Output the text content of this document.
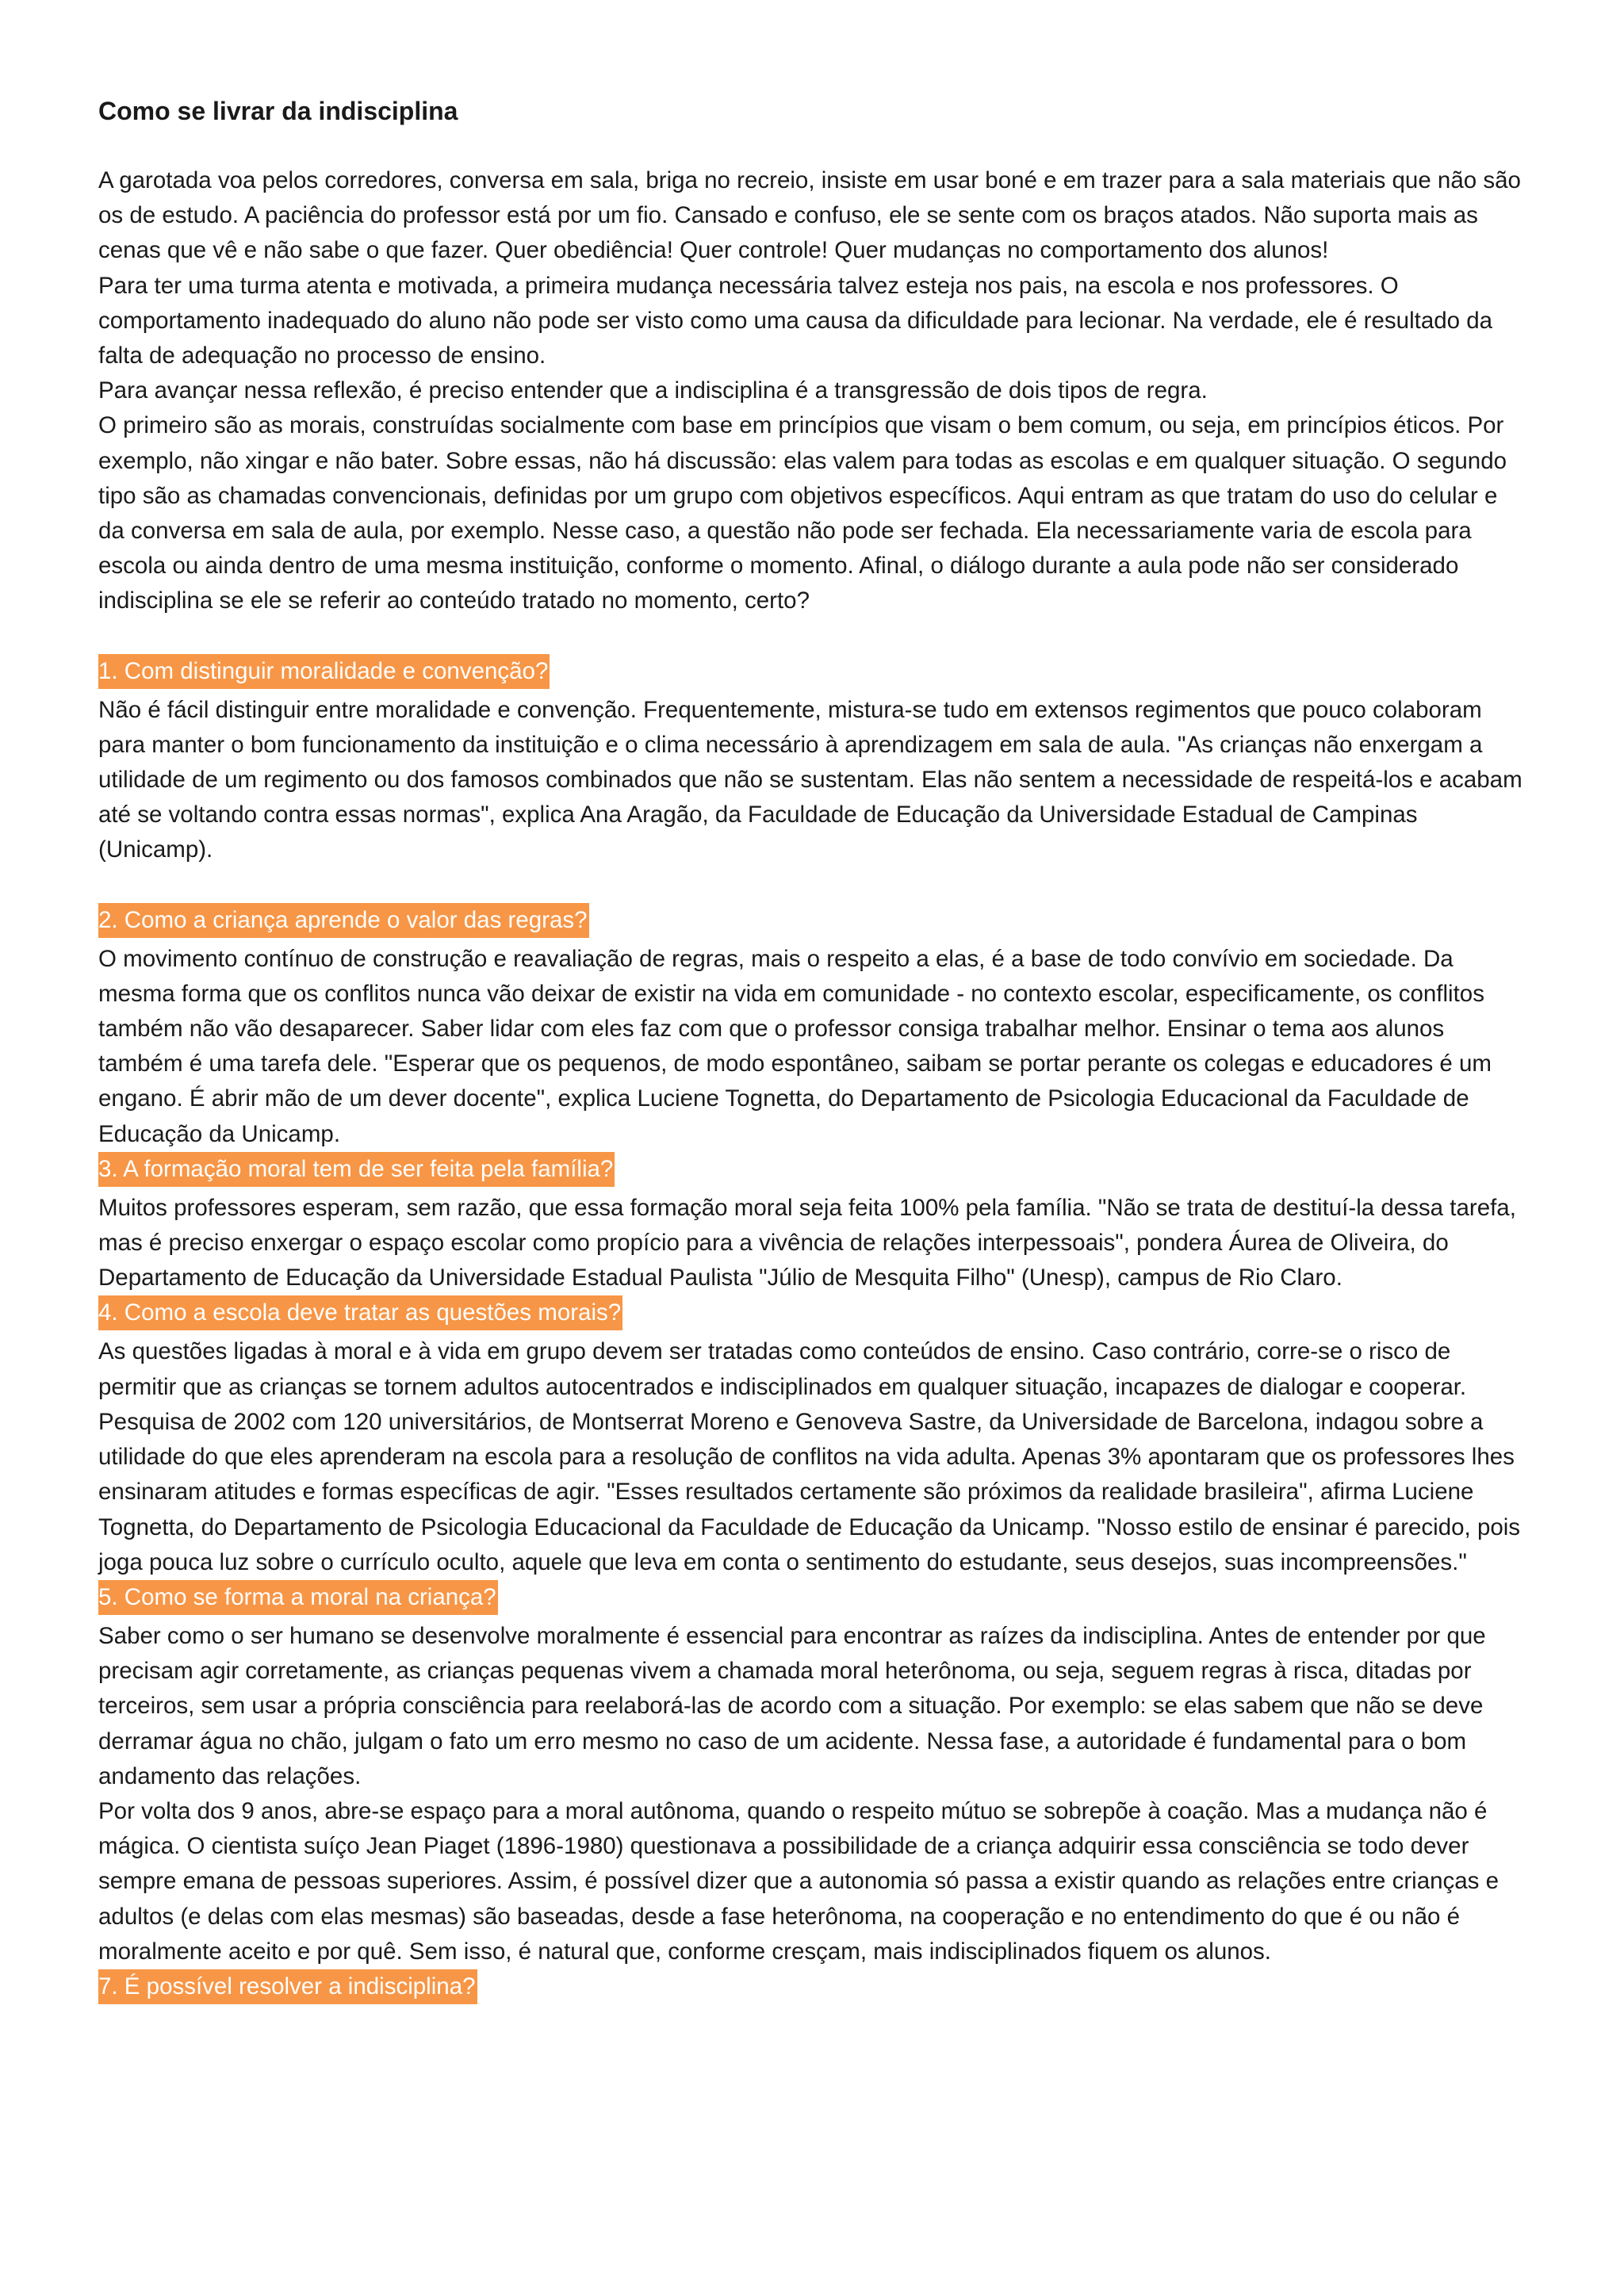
Como se livrar da indisciplina

A garotada voa pelos corredores, conversa em sala, briga no recreio, insiste em usar boné e em trazer para a sala materiais que não são os de estudo. A paciência do professor está por um fio. Cansado e confuso, ele se sente com os braços atados. Não suporta mais as cenas que vê e não sabe o que fazer. Quer obediência! Quer controle! Quer mudanças no comportamento dos alunos!

Para ter uma turma atenta e motivada, a primeira mudança necessária talvez esteja nos pais, na escola e nos professores. O comportamento inadequado do aluno não pode ser visto como uma causa da dificuldade para lecionar. Na verdade, ele é resultado da falta de adequação no processo de ensino.

Para avançar nessa reflexão, é preciso entender que a indisciplina é a transgressão de dois tipos de regra.

O primeiro são as morais, construídas socialmente com base em princípios que visam o bem comum, ou seja, em princípios éticos. Por exemplo, não xingar e não bater. Sobre essas, não há discussão: elas valem para todas as escolas e em qualquer situação. O segundo tipo são as chamadas convencionais, definidas por um grupo com objetivos específicos. Aqui entram as que tratam do uso do celular e da conversa em sala de aula, por exemplo. Nesse caso, a questão não pode ser fechada. Ela necessariamente varia de escola para escola ou ainda dentro de uma mesma instituição, conforme o momento. Afinal, o diálogo durante a aula pode não ser considerado indisciplina se ele se referir ao conteúdo tratado no momento, certo?

1. Com distinguir moralidade e convenção?

Não é fácil distinguir entre moralidade e convenção. Frequentemente, mistura-se tudo em extensos regimentos que pouco colaboram para manter o bom funcionamento da instituição e o clima necessário à aprendizagem em sala de aula. "As crianças não enxergam a utilidade de um regimento ou dos famosos combinados que não se sustentam. Elas não sentem a necessidade de respeitá-los e acabam até se voltando contra essas normas", explica Ana Aragão, da Faculdade de Educação da Universidade Estadual de Campinas (Unicamp).

2. Como a criança aprende o valor das regras?

O movimento contínuo de construção e reavaliação de regras, mais o respeito a elas, é a base de todo convívio em sociedade. Da mesma forma que os conflitos nunca vão deixar de existir na vida em comunidade - no contexto escolar, especificamente, os conflitos também não vão desaparecer. Saber lidar com eles faz com que o professor consiga trabalhar melhor. Ensinar o tema aos alunos também é uma tarefa dele. "Esperar que os pequenos, de modo espontâneo, saibam se portar perante os colegas e educadores é um engano. É abrir mão de um dever docente", explica Luciene Tognetta, do Departamento de Psicologia Educacional da Faculdade de Educação da Unicamp.

3. A formação moral tem de ser feita pela família?

Muitos professores esperam, sem razão, que essa formação moral seja feita 100% pela família. "Não se trata de destituí-la dessa tarefa, mas é preciso enxergar o espaço escolar como propício para a vivência de relações interpessoais", pondera Áurea de Oliveira, do Departamento de Educação da Universidade Estadual Paulista "Júlio de Mesquita Filho" (Unesp), campus de Rio Claro.

4. Como a escola deve tratar as questões morais?

As questões ligadas à moral e à vida em grupo devem ser tratadas como conteúdos de ensino. Caso contrário, corre-se o risco de permitir que as crianças se tornem adultos autocentrados e indisciplinados em qualquer situação, incapazes de dialogar e cooperar. Pesquisa de 2002 com 120 universitários, de Montserrat Moreno e Genoveva Sastre, da Universidade de Barcelona, indagou sobre a utilidade do que eles aprenderam na escola para a resolução de conflitos na vida adulta. Apenas 3% apontaram que os professores lhes ensinaram atitudes e formas específicas de agir. "Esses resultados certamente são próximos da realidade brasileira", afirma Luciene Tognetta, do Departamento de Psicologia Educacional da Faculdade de Educação da Unicamp. "Nosso estilo de ensinar é parecido, pois joga pouca luz sobre o currículo oculto, aquele que leva em conta o sentimento do estudante, seus desejos, suas incompreensões."

5. Como se forma a moral na criança?

Saber como o ser humano se desenvolve moralmente é essencial para encontrar as raízes da indisciplina. Antes de entender por que precisam agir corretamente, as crianças pequenas vivem a chamada moral heterônoma, ou seja, seguem regras à risca, ditadas por terceiros, sem usar a própria consciência para reelaborá-las de acordo com a situação. Por exemplo: se elas sabem que não se deve derramar água no chão, julgam o fato um erro mesmo no caso de um acidente. Nessa fase, a autoridade é fundamental para o bom andamento das relações.

Por volta dos 9 anos, abre-se espaço para a moral autônoma, quando o respeito mútuo se sobrepõe à coação. Mas a mudança não é mágica. O cientista suíço Jean Piaget (1896-1980) questionava a possibilidade de a criança adquirir essa consciência se todo dever sempre emana de pessoas superiores. Assim, é possível dizer que a autonomia só passa a existir quando as relações entre crianças e adultos (e delas com elas mesmas) são baseadas, desde a fase heterônoma, na cooperação e no entendimento do que é ou não é moralmente aceito e por quê. Sem isso, é natural que, conforme cresçam, mais indisciplinados fiquem os alunos.

7. É possível resolver a indisciplina?
